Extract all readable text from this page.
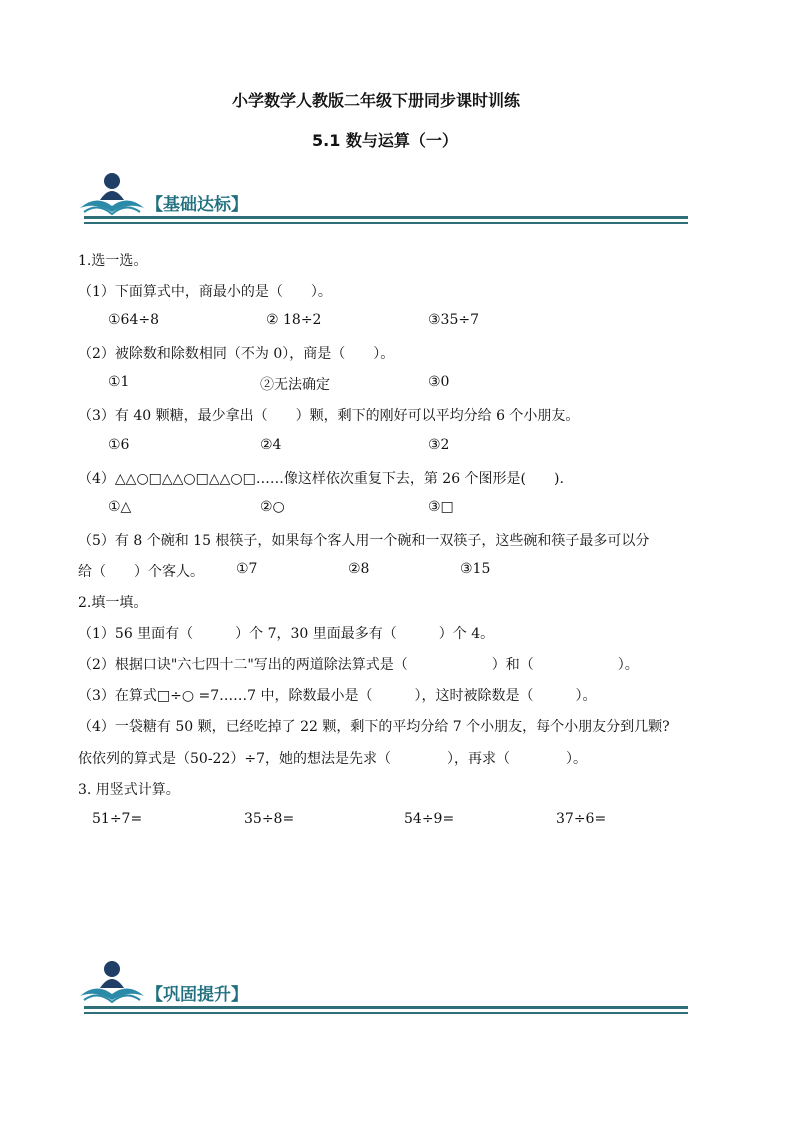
小学数学人教版二年级下册同步课时训练
5.1 数与运算（一）
【基础达标】
1.选一选。
（1）下面算式中，商最小的是（　　）。
①64÷8	② 18÷2	③35÷7
（2）被除数和除数相同（不为 0），商是（　　）。
①1	②无法确定	③0
（3）有 40 颗糖，最少拿出（　　）颗，剩下的刚好可以平均分给 6 个小朋友。
①6	②4	③2
（4）△△○□△△○□△△○□……像这样依次重复下去，第 26 个图形是(　　).
①△	②○	③□
（5）有 8 个碗和 15 根筷子，如果每个客人用一个碗和一双筷子，这些碗和筷子最多可以分
给（　　）个客人。 ①7	②8	③15
2.填一填。
（1）56 里面有（　　　）个 7，30 里面最多有（　　　）个 4。
（2）根据口诀"六七四十二"写出的两道除法算式是（　　　　　　）和（　　　　　　）。
（3）在算式□÷○ =7……7 中，除数最小是（　　　），这时被除数是（　　　）。
（4）一袋糖有 50 颗，已经吃掉了 22 颗，剩下的平均分给 7 个小朋友，每个小朋友分到几颗?
依依列的算式是（50-22）÷7，她的想法是先求（　　　　），再求（　　　　）。
3. 用竖式计算。
51÷7=	35÷8=	54÷9=	37÷6=
【巩固提升】
